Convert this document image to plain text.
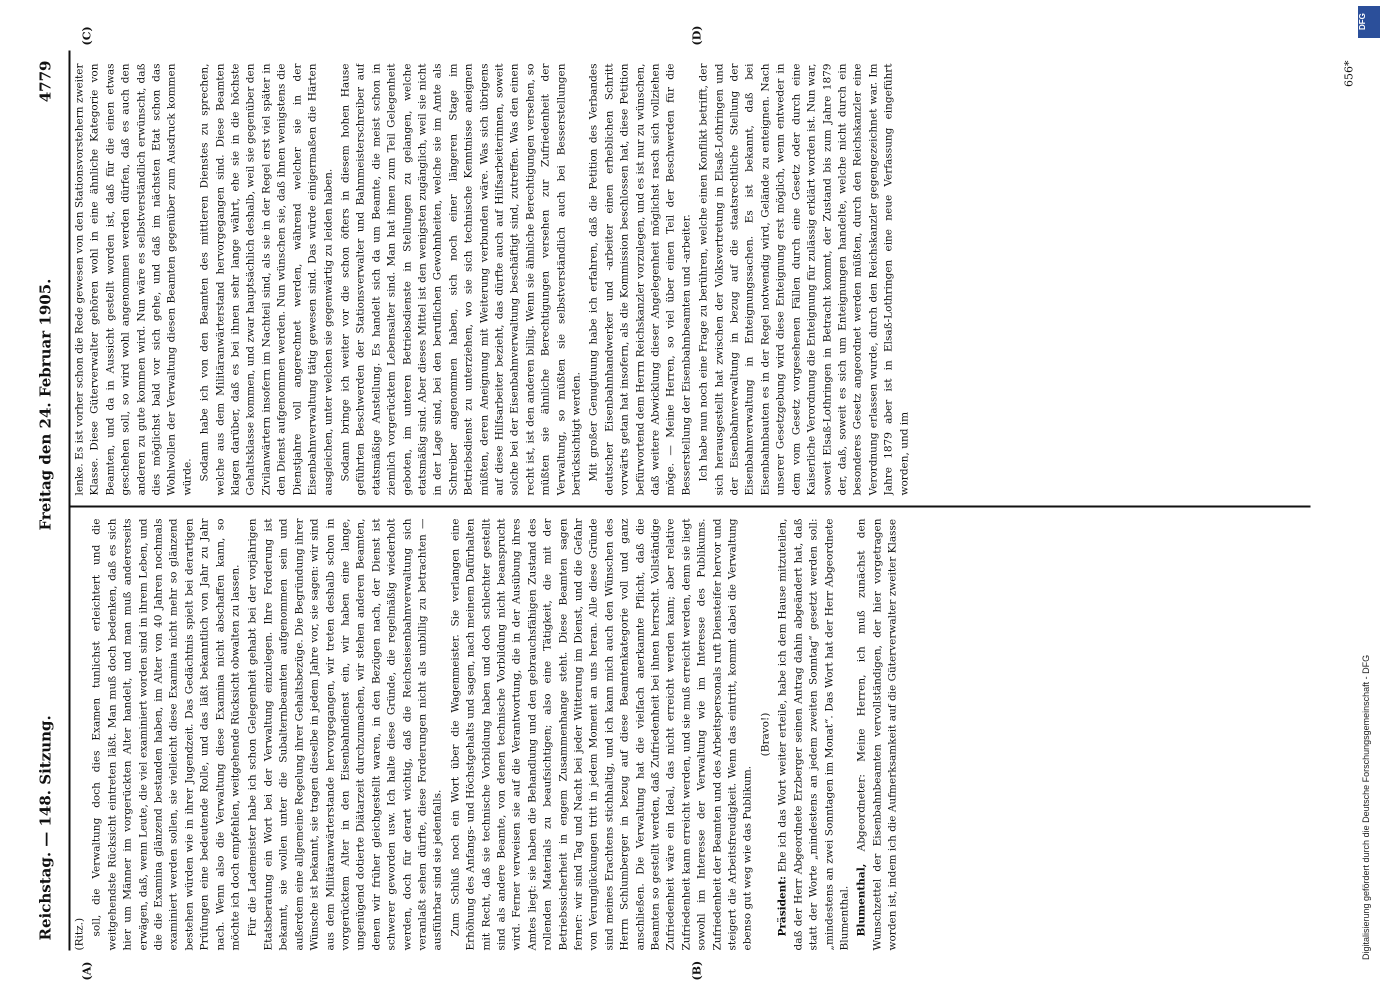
DFG
Digitalisierung gefördert durch die Deutsche Forschungsgemeinschaft - DFG
Reichstag. — 148. Sitzung.
Freitag den 24. Februar 1905.
4779
(A)	(B)
(C)	(D)

(Ritz.) soll, die Verwaltung doch dies Examen tunlichst erleichtert und die weitgehendste Rücksicht eintreten läßt. Man muß doch bedenken, daß es sich hier um Männer im vorgerückten Alter handelt, und man muß andererseits erwägen, daß, wenn Leute, die viel examiniert worden sind in ihrem Leben, und die die Examina glänzend bestanden haben, im Alter von 40 Jahren nochmals examiniert werden sollen, sie vielleicht diese Examina nicht mehr so glänzend bestehen würden wie in ihrer Jugendzeit. Das Gedächtnis spielt bei derartigen Prüfungen eine bedeutende Rolle, und das läßt bekanntlich von Jahr zu Jahr nach. Wenn also die Verwaltung diese Examina nicht abschaffen kann, so möchte ich doch empfehlen, weitgehende Rücksicht obwalten zu lassen. Für die Lademeister habe ich schon Gelegenheit gehabt bei der vorjährigen Etatsberatung ein Wort bei der Verwaltung einzulegen. Ihre Forderung ist bekannt, sie wollen unter die Subalternbeamten aufgenommen sein und außerdem eine allgemeine Regelung ihrer Gehaltsbezüge. Die Begründung ihrer Wünsche ist bekannt, sie tragen dieselbe in jedem Jahre vor, sie sagen: wir sind aus dem Militäranwärterstande hervorgegangen, wir treten deshalb schon in vorgerücktem Alter in den Eisenbahndienst ein, wir haben eine lange, ungenügend dotierte Diätarzeit durchzumachen, wir stehen anderen Beamten, denen wir früher gleichgestellt waren, in den Bezügen nach, der Dienst ist schwerer geworden usw. Ich halte diese Gründe, die regelmäßig wiederholt werden, doch für derart wichtig, daß die Reichseisenbahnverwaltung sich veranlaßt sehen dürfte, diese Forderungen nicht als unbillig zu betrachten — ausführbar sind sie jedenfalls. Zum Schluß noch ein Wort über die Wagenmeister. Sie verlangen eine Erhöhung des Anfangs- und Höchstgehalts und sagen, nach meinem Dafürhalten mit Recht, daß sie technische Vorbildung haben und doch schlechter gestellt sind als andere Beamte, von denen technische Vorbildung nicht beansprucht wird. Ferner verweisen sie auf die Verantwortung, die in der Ausübung ihres Amtes liegt: sie haben die Behandlung und den gebrauchsfähigen Zustand des rollenden Materials zu beaufsichtigen; also eine Tätigkeit, die mit der Betriebssicherheit in engem Zusammenhange steht. Diese Beamten sagen ferner: wir sind Tag und Nacht bei jeder Witterung im Dienst, und die Gefahr von Verunglückungen tritt in jedem Moment an uns heran. Alle diese Gründe sind meines Erachtens stichhaltig, und ich kann mich auch den Wünschen des Herrn Schlumberger in bezug auf diese Beamtenkategorie voll und ganz anschließen. Die Verwaltung hat die vielfach anerkannte Pflicht, daß die Beamten so gestellt werden, daß Zufriedenheit bei ihnen herrscht. Vollständige Zufriedenheit wäre ein Ideal, das nicht erreicht werden kann; aber relative Zufriedenheit kann erreicht werden, und sie muß erreicht werden, denn sie liegt sowohl im Interesse der Verwaltung wie im Interesse des Publikums. Zufriedenheit der Beamten und des Arbeitspersonals ruft Diensteifer hervor und steigert die Arbeitsfreudigkeit. Wenn das eintritt, kommt dabei die Verwaltung ebenso gut weg wie das Publikum.

(Bravo!)

Präsident: Ehe ich das Wort weiter erteile, habe ich dem Hause mitzuteilen, daß der Herr Abgeordnete Erzberger seinen Antrag dahin abgeändert hat, daß statt der Worte „mindestens an jedem zweiten Sonntag“ gesetzt werden soll: „mindestens an zwei Sonntagen im Monat“. Das Wort hat der Herr Abgeordnete Blumenthal. Blumenthal, Abgeordneter: Meine Herren, ich muß zunächst den Wunschzettel der Eisenbahnbeamten vervollständigen, der hier vorgetragen worden ist, indem ich die Aufmerksamkeit auf die Güterverwalter zweiter Klasse

lenke. Es ist vorher schon die Rede gewesen von den Stationsvorstehern zweiter Klasse. Diese Güterverwalter gehören wohl in eine ähnliche Kategorie von Beamten, und da in Aussicht gestellt worden ist, daß für die einen etwas geschehen soll, so wird wohl angenommen werden dürfen, daß es auch den anderen zu gute kommen wird. Nun wäre es selbstverständlich erwünscht, daß dies möglichst bald vor sich gehe, und daß im nächsten Etat schon das Wohlwollen der Verwaltung diesen Beamten gegenüber zum Ausdruck kommen würde. Sodann habe ich von den Beamten des mittleren Dienstes zu sprechen, welche aus dem Militäranwärterstand hervorgegangen sind. Diese Beamten klagen darüber, daß es bei ihnen sehr lange währt, ehe sie in die höchste Gehaltsklasse kommen, und zwar hauptsächlich deshalb, weil sie gegenüber den Zivilanwärtern insofern im Nachteil sind, als sie in der Regel erst viel später in den Dienst aufgenommen werden. Nun wünschen sie, daß ihnen wenigstens die Dienstjahre voll angerechnet werden, während welcher sie in der Eisenbahnverwaltung tätig gewesen sind. Das würde einigermaßen die Härten ausgleichen, unter welchen sie gegenwärtig zu leiden haben. Sodann bringe ich weiter vor die schon öfters in diesem hohen Hause geführten Beschwerden der Stationsverwalter und Bahnmeisterschreiber auf etatsmäßige Anstellung. Es handelt sich da um Beamte, die meist schon in ziemlich vorgerücktem Lebensalter sind. Man hat ihnen zum Teil Gelegenheit geboten, im unteren Betriebsdienste in Stellungen zu gelangen, welche etatsmäßig sind. Aber dieses Mittel ist den wenigsten zugänglich, weil sie nicht in der Lage sind, bei den beruflichen Gewohnheiten, welche sie im Amte als Schreiber angenommen haben, sich noch einer längeren Stage im Betriebsdienst zu unterziehen, wo sie sich technische Kenntnisse aneignen müßten, deren Aneignung mit Weiterung verbunden wäre. Was sich übrigens auf diese Hilfsarbeiter bezieht, das dürfte auch auf Hilfsarbeiterinnen, soweit solche bei der Eisenbahnverwaltung beschäftigt sind, zutreffen. Was den einen recht ist, ist den anderen billig. Wenn sie ähnliche Berechtigungen versehen, so müßten sie ähnliche Berechtigungen versehen zur Zufriedenheit der Verwaltung, so müßten sie selbstverständlich auch bei Besserstellungen berücksichtigt werden. Mit großer Genugtuung habe ich erfahren, daß die Petition des Verbandes deutscher Eisenbahnhandwerker und -arbeiter einen erheblichen Schritt vorwärts getan hat insofern, als die Kommission beschlossen hat, diese Petition befürwortend dem Herrn Reichskanzler vorzulegen, und es ist nur zu wünschen, daß weitere Abwicklung dieser Angelegenheit möglichst rasch sich vollziehen möge. — Meine Herren, so viel über einen Teil der Beschwerden für die Besserstellung der Eisenbahnbeamten und -arbeiter. Ich habe nun noch eine Frage zu berühren, welche einen Konflikt betrifft, der sich herausgestellt hat zwischen der Volksvertretung in Elsaß-Lothringen und der Eisenbahnverwaltung in bezug auf die staatsrechtliche Stellung der Eisenbahnverwaltung in Enteignungssachen. Es ist bekannt, daß bei Eisenbahnbauten es in der Regel notwendig wird, Gelände zu enteignen. Nach unserer Gesetzgebung wird diese Enteignung erst möglich, wenn entweder in dem vom Gesetz vorgesehenen Fällen durch eine Gesetz oder durch eine Kaiserliche Verordnung die Enteignung für zulässig erklärt worden ist. Nun war, soweit Elsaß-Lothringen in Betracht kommt, der Zustand bis zum Jahre 1879 der, daß, soweit es sich um Enteignungen handelte, welche nicht durch ein besonderes Gesetz angeordnet werden müßten, durch den Reichskanzler eine Verordnung erlassen wurde, durch den Reichskanzler gegengezeichnet war. Im Jahre 1879 aber ist in Elsaß-Lothringen eine neue Verfassung eingeführt worden, und im

656*
